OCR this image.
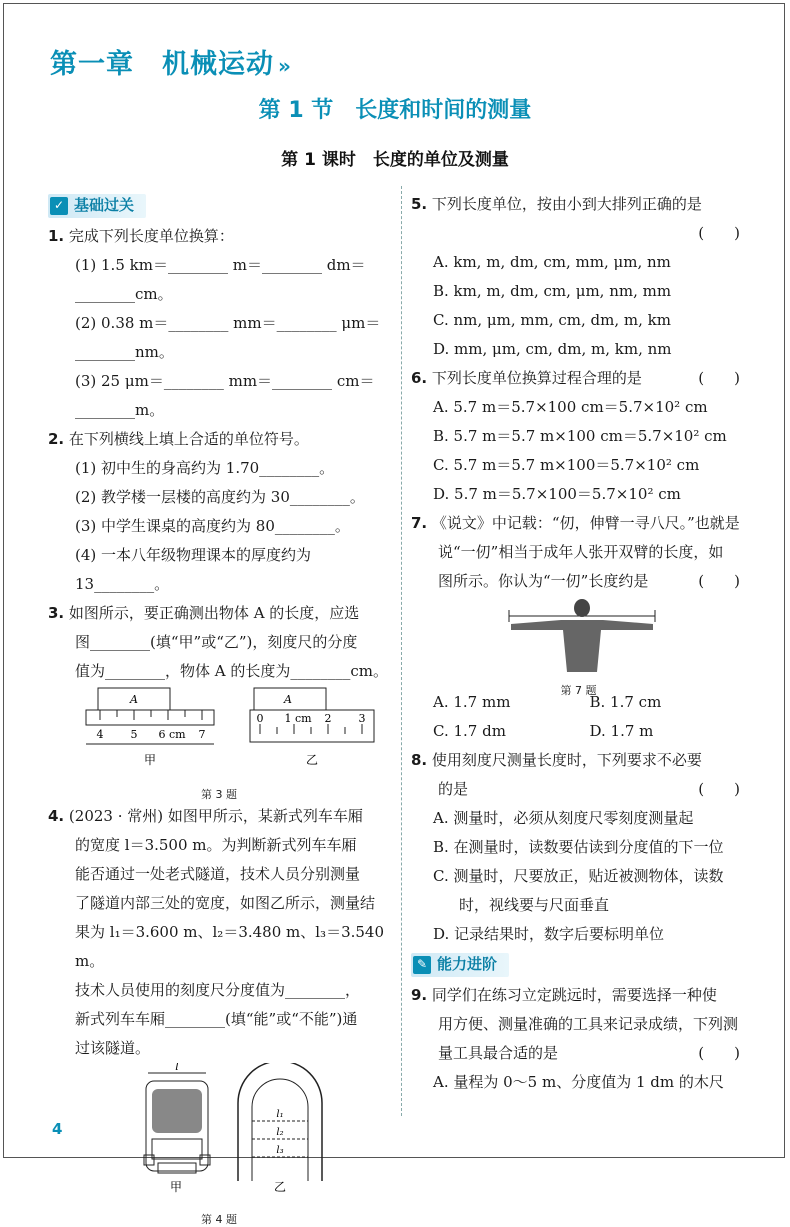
第一章　机械运动 »
第 1 节　长度和时间的测量
第 1 课时　长度的单位及测量
✓ 基础过关
1. 完成下列长度单位换算：
(1) 1.5 km＝________ m＝________ dm＝
________cm。
(2) 0.38 m＝________ mm＝________ μm＝
________nm。
(3) 25 μm＝________ mm＝________ cm＝
________m。
2. 在下列横线上填上合适的单位符号。
(1) 初中生的身高约为 1.70________。
(2) 教学楼一层楼的高度约为 30________。
(3) 中学生课桌的高度约为 80________。
(4) 一本八年级物理课本的厚度约为 13________。
3. 如图所示，要正确测出物体 A 的长度，应选
图________(填“甲”或“乙”)，刻度尺的分度
值为________，物体 A 的长度为________cm。
A
4 5 6 cm 7
甲
A
0 1 cm 2 3
乙
第 3 题
4. (2023 · 常州) 如图甲所示，某新式列车车厢
的宽度 l＝3.500 m。为判断新式列车车厢
能否通过一处老式隧道，技术人员分别测量
了隧道内部三处的宽度，如图乙所示，测量结
果为 l₁＝3.600 m、l₂＝3.480 m、l₃＝3.540 m。
技术人员使用的刻度尺分度值为________，
新式列车车厢________(填“能”或“不能”)通
过该隧道。
l
甲
l₁
l₂
l₃
乙
第 4 题
5. 下列长度单位，按由小到大排列正确的是
(　　)
A. km, m, dm, cm, mm, μm, nm
B. km, m, dm, cm, μm, nm, mm
C. nm, μm, mm, cm, dm, m, km
D. mm, μm, cm, dm, m, km, nm
6. 下列长度单位换算过程合理的是	(　　)
A. 5.7 m＝5.7×100 cm＝5.7×10² cm
B. 5.7 m＝5.7 m×100 cm＝5.7×10² cm
C. 5.7 m＝5.7 m×100＝5.7×10² cm
D. 5.7 m＝5.7×100＝5.7×10² cm
7. 《说文》中记载：“仞，伸臂一寻八尺。”也就是
说“一仞”相当于成年人张开双臂的长度，如
图所示。你认为“一仞”长度约是	(　　)
第 7 题
A. 1.7 mm	B. 1.7 cm
C. 1.7 dm	D. 1.7 m
8. 使用刻度尺测量长度时，下列要求不必要
的是	(　　)
A. 测量时，必须从刻度尺零刻度测量起
B. 在测量时，读数要估读到分度值的下一位
C. 测量时，尺要放正，贴近被测物体，读数
时，视线要与尺面垂直
D. 记录结果时，数字后要标明单位
✎ 能力进阶
9. 同学们在练习立定跳远时，需要选择一种使
用方便、测量准确的工具来记录成绩，下列测
量工具最合适的是	(　　)
A. 量程为 0～5 m、分度值为 1 dm 的木尺
4
